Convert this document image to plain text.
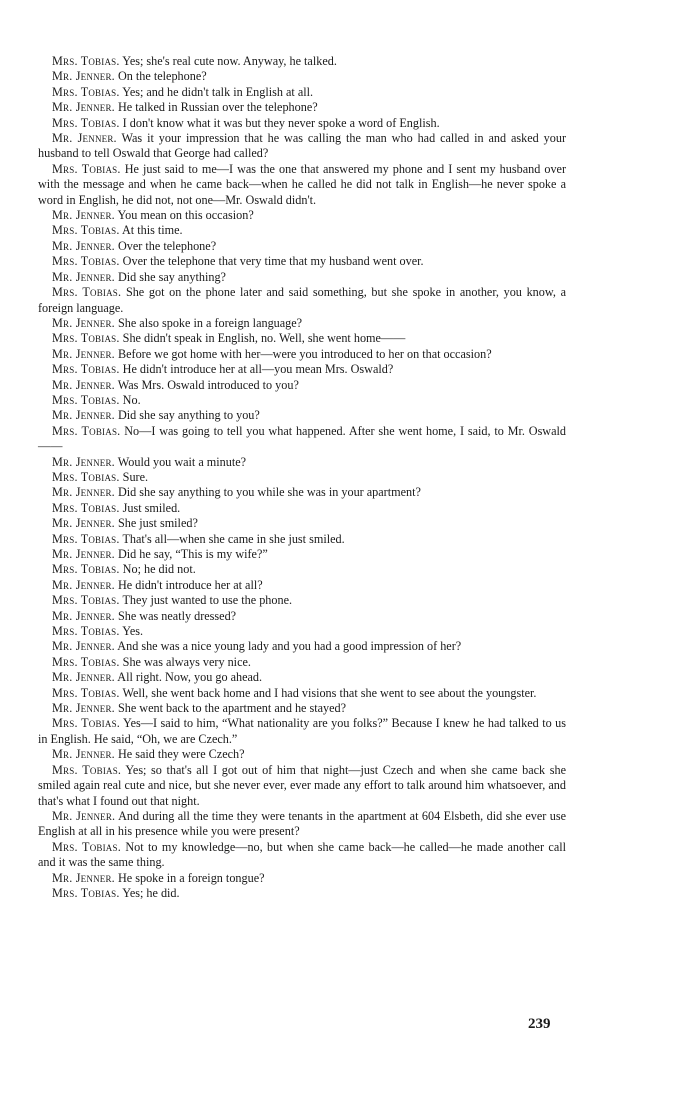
Mrs. Tobias. Yes; she's real cute now. Anyway, he talked.

Mr. Jenner. On the telephone?

Mrs. Tobias. Yes; and he didn't talk in English at all.

Mr. Jenner. He talked in Russian over the telephone?

Mrs. Tobias. I don't know what it was but they never spoke a word of English.

Mr. Jenner. Was it your impression that he was calling the man who had called in and asked your husband to tell Oswald that George had called?

Mrs. Tobias. He just said to me—I was the one that answered my phone and I sent my husband over with the message and when he came back—when he called he did not talk in English—he never spoke a word in English, he did not, not one—Mr. Oswald didn't.

Mr. Jenner. You mean on this occasion?

Mrs. Tobias. At this time.

Mr. Jenner. Over the telephone?

Mrs. Tobias. Over the telephone that very time that my husband went over.

Mr. Jenner. Did she say anything?

Mrs. Tobias. She got on the phone later and said something, but she spoke in another, you know, a foreign language.

Mr. Jenner. She also spoke in a foreign language?

Mrs. Tobias. She didn't speak in English, no. Well, she went home——

Mr. Jenner. Before we got home with her—were you introduced to her on that occasion?

Mrs. Tobias. He didn't introduce her at all—you mean Mrs. Oswald?

Mr. Jenner. Was Mrs. Oswald introduced to you?

Mrs. Tobias. No.

Mr. Jenner. Did she say anything to you?

Mrs. Tobias. No—I was going to tell you what happened. After she went home, I said, to Mr. Oswald——

Mr. Jenner. Would you wait a minute?

Mrs. Tobias. Sure.

Mr. Jenner. Did she say anything to you while she was in your apartment?

Mrs. Tobias. Just smiled.

Mr. Jenner. She just smiled?

Mrs. Tobias. That's all—when she came in she just smiled.

Mr. Jenner. Did he say, “This is my wife?”

Mrs. Tobias. No; he did not.

Mr. Jenner. He didn't introduce her at all?

Mrs. Tobias. They just wanted to use the phone.

Mr. Jenner. She was neatly dressed?

Mrs. Tobias. Yes.

Mr. Jenner. And she was a nice young lady and you had a good impression of her?

Mrs. Tobias. She was always very nice.

Mr. Jenner. All right. Now, you go ahead.

Mrs. Tobias. Well, she went back home and I had visions that she went to see about the youngster.

Mr. Jenner. She went back to the apartment and he stayed?

Mrs. Tobias. Yes—I said to him, “What nationality are you folks?” Because I knew he had talked to us in English. He said, “Oh, we are Czech.”

Mr. Jenner. He said they were Czech?

Mrs. Tobias. Yes; so that's all I got out of him that night—just Czech and when she came back she smiled again real cute and nice, but she never ever, ever made any effort to talk around him whatsoever, and that's what I found out that night.

Mr. Jenner. And during all the time they were tenants in the apartment at 604 Elsbeth, did she ever use English at all in his presence while you were present?

Mrs. Tobias. Not to my knowledge—no, but when she came back—he called—he made another call and it was the same thing.

Mr. Jenner. He spoke in a foreign tongue?

Mrs. Tobias. Yes; he did.

239
